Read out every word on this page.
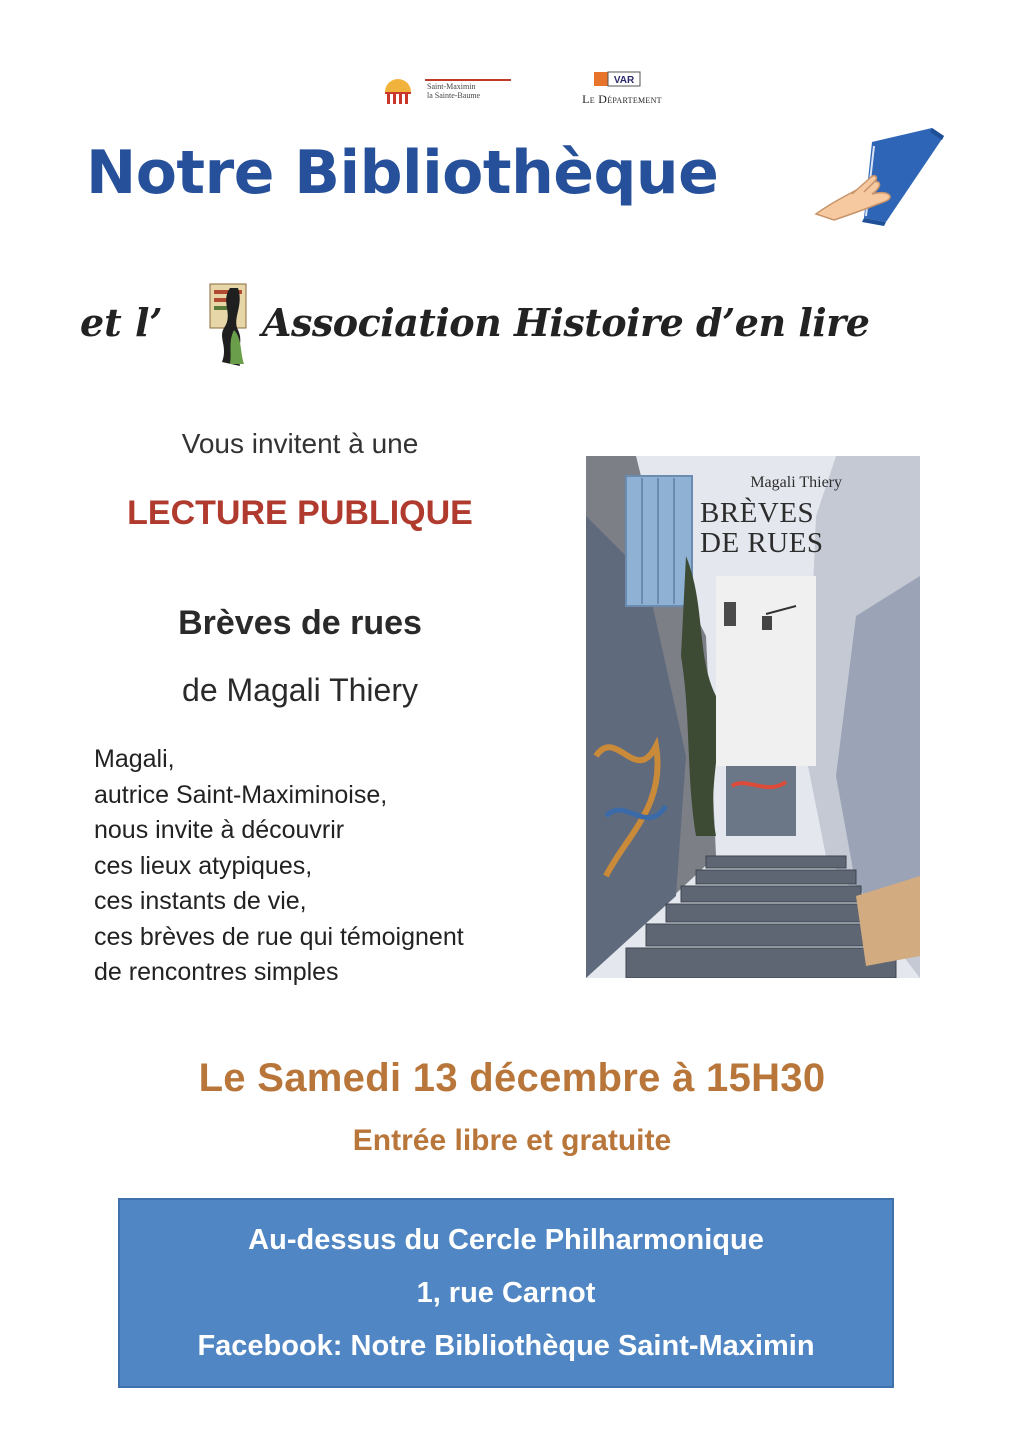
Saint-Maximin
la Sainte-Baume
VAR
Le Département
Notre Bibliothèque
et l’	Association Histoire d’en lire
Vous invitent à une
LECTURE PUBLIQUE
Brèves de rues
de Magali Thiery
Magali,
autrice Saint-Maximinoise,
nous invite à découvrir
ces lieux atypiques,
ces instants de vie,
ces brèves de rue qui témoignent
de rencontres simples
Magali Thiery
BRÈVES
DE RUES
Le Samedi 13 décembre à 15H30
Entrée libre et gratuite
Au-dessus du Cercle Philharmonique
1, rue Carnot
Facebook: Notre Bibliothèque Saint-Maximin
